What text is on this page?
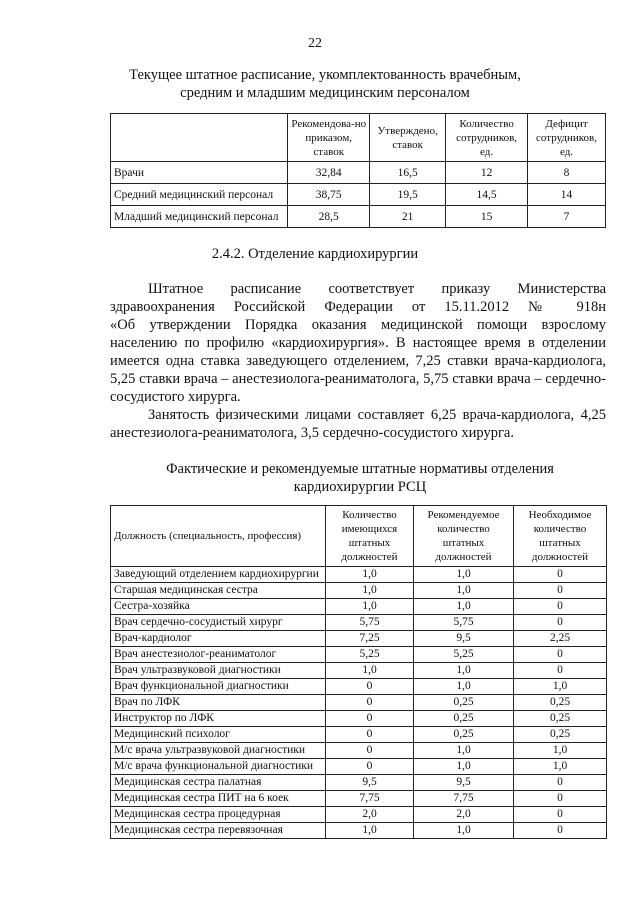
22
Текущее штатное расписание, укомплектованность врачебным, средним и младшим медицинским персоналом
	Рекомендова-но приказом, ставок	Утверждено, ставок	Количество сотрудников, ед.	Дефицит сотрудников, ед.
Врачи	32,84	16,5	12	8
Средний медицинский персонал	38,75	19,5	14,5	14
Младший медицинский персонал	28,5	21	15	7
2.4.2. Отделение кардиохирургии
Штатное расписание соответствует приказу Министерства
здравоохранения Российской Федерации от 15.11.2012 № 918н
«Об утверждении Порядка оказания медицинской помощи взрослому населению по профилю «кардиохирургия». В настоящее время в отделении имеется одна ставка заведующего отделением, 7,25 ставки врача-кардиолога, 5,25 ставки врача – анестезиолога-реаниматолога, 5,75 ставки врача – сердечно-сосудистого хирурга.
Занятость физическими лицами составляет 6,25 врача-кардиолога, 4,25 анестезиолога-реаниматолога, 3,5 сердечно-сосудистого хирурга.
Фактические и рекомендуемые штатные нормативы отделения кардиохирургии РСЦ
Должность (специальность, профессия)	Количество имеющихся штатных должностей	Рекомендуемое количество штатных должностей	Необходимое количество штатных должностей
Заведующий отделением кардиохирургии	1,0	1,0	0
Старшая медицинская сестра	1,0	1,0	0
Сестра-хозяйка	1,0	1,0	0
Врач сердечно-сосудистый хирург	5,75	5,75	0
Врач-кардиолог	7,25	9,5	2,25
Врач анестезиолог-реаниматолог	5,25	5,25	0
Врач ультразвуковой диагностики	1,0	1,0	0
Врач функциональной диагностики	0	1,0	1,0
Врач по ЛФК	0	0,25	0,25
Инструктор по ЛФК	0	0,25	0,25
Медицинский психолог	0	0,25	0,25
М/с врача ультразвуковой диагностики	0	1,0	1,0
М/с врача функциональной диагностики	0	1,0	1,0
Медицинская сестра палатная	9,5	9,5	0
Медицинская сестра ПИТ на 6 коек	7,75	7,75	0
Медицинская сестра процедурная	2,0	2,0	0
Медицинская сестра перевязочная	1,0	1,0	0
